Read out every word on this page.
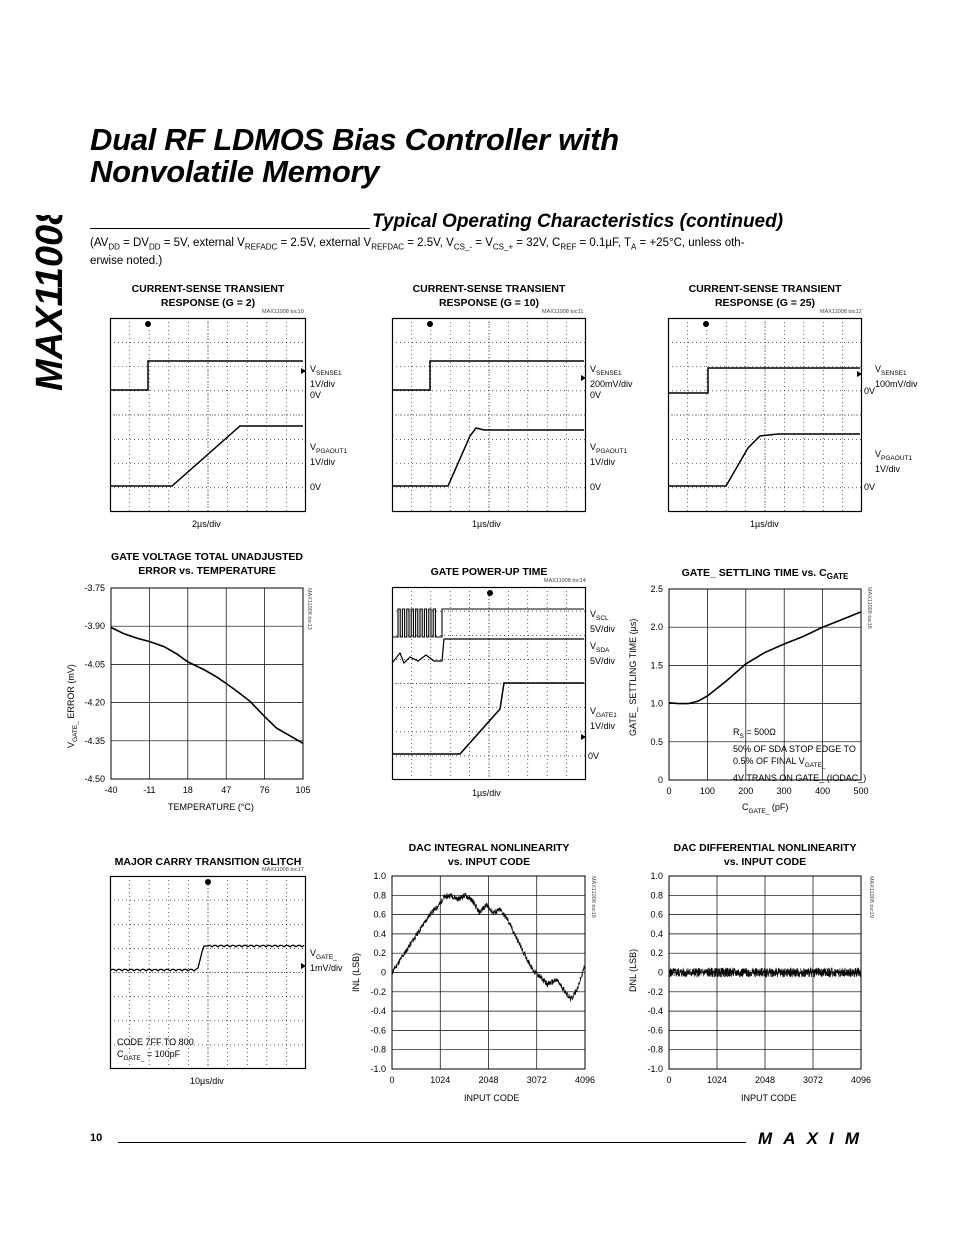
MAX11008
Dual RF LDMOS Bias Controller with
Nonvolatile Memory
Typical Operating Characteristics (continued)
($AV_{DD} = DV_{DD} = 5V$, external $V_{REFADC} = 2.5V$, external $V_{REFDAC} = 2.5V$, $V_{CS\_-} = V_{CS\_+} = 32V$, $C_{REF} = 0.1\mu F$, $T_A = +25^\circ C$, unless oth-
erwise noted.)
CURRENT-SENSE TRANSIENT
RESPONSE (G = 2)
MAX11008 toc10
$V_{SENSE1}$
1V/div
0V
$V_{PGAOUT1}$
1V/div
0V
2µs/div
CURRENT-SENSE TRANSIENT
RESPONSE (G = 10)
MAX11008 toc11
$V_{SENSE1}$
200mV/div
0V
$V_{PGAOUT1}$
1V/div
0V
1µs/div
CURRENT-SENSE TRANSIENT
RESPONSE (G = 25)
MAX11008 toc12
$V_{SENSE1}$
100mV/div
0V
$V_{PGAOUT1}$
1V/div
0V
1µs/div
GATE VOLTAGE TOTAL UNADJUSTED
ERROR vs. TEMPERATURE
-40	-11	18	47	76	105
-3.75
-3.90
-4.05
-4.20
-4.35
-4.50
MAX11008 toc13
TEMPERATURE (°C)
$V_{GATE\_}$ ERROR (mV)
GATE POWER-UP TIME
MAX11008 toc14
$V_{SCL}$
5V/div
$V_{SDA}$
5V/div
$V_{GATE1}$
1V/div
0V
1µs/div
GATE_ SETTLING TIME vs. $C_{GATE}$
0	100	200	300	400	500
2.5
2.0
1.5
1.0
0.5
0
MAX11008 toc16
$C_{GATE\_}$ (pF)
GATE_ SETTLING TIME (µs)	$R_S = 500\Omega$
50% OF SDA STOP EDGE TO
0.5% OF FINAL $V_{GATE\_}$
4V TRANS ON GATE_ (IODAC_)
MAJOR CARRY TRANSITION GLITCH
MAX11008 toc17
$V_{GATE\_}$
1mV/div
CODE 7FF TO 800
$C_{GATE\_} = 100pF$
10µs/div
DAC INTEGRAL NONLINEARITY
vs. INPUT CODE
0	1024	2048	3072	4096
1.0
0.8
0.6
0.4
0.2
0
-0.2
-0.4
-0.6
-0.8
-1.0
MAX11008 toc18
INPUT CODE
INL (LSB)
DAC DIFFERENTIAL NONLINEARITY
vs. INPUT CODE
0	1024	2048	3072	4096
1.0
0.8
0.6
0.4
0.2
0
-0.2
-0.4
-0.6
-0.8
-1.0
MAX11008 toc19
INPUT CODE
DNL (LSB)
10	MAXIM
